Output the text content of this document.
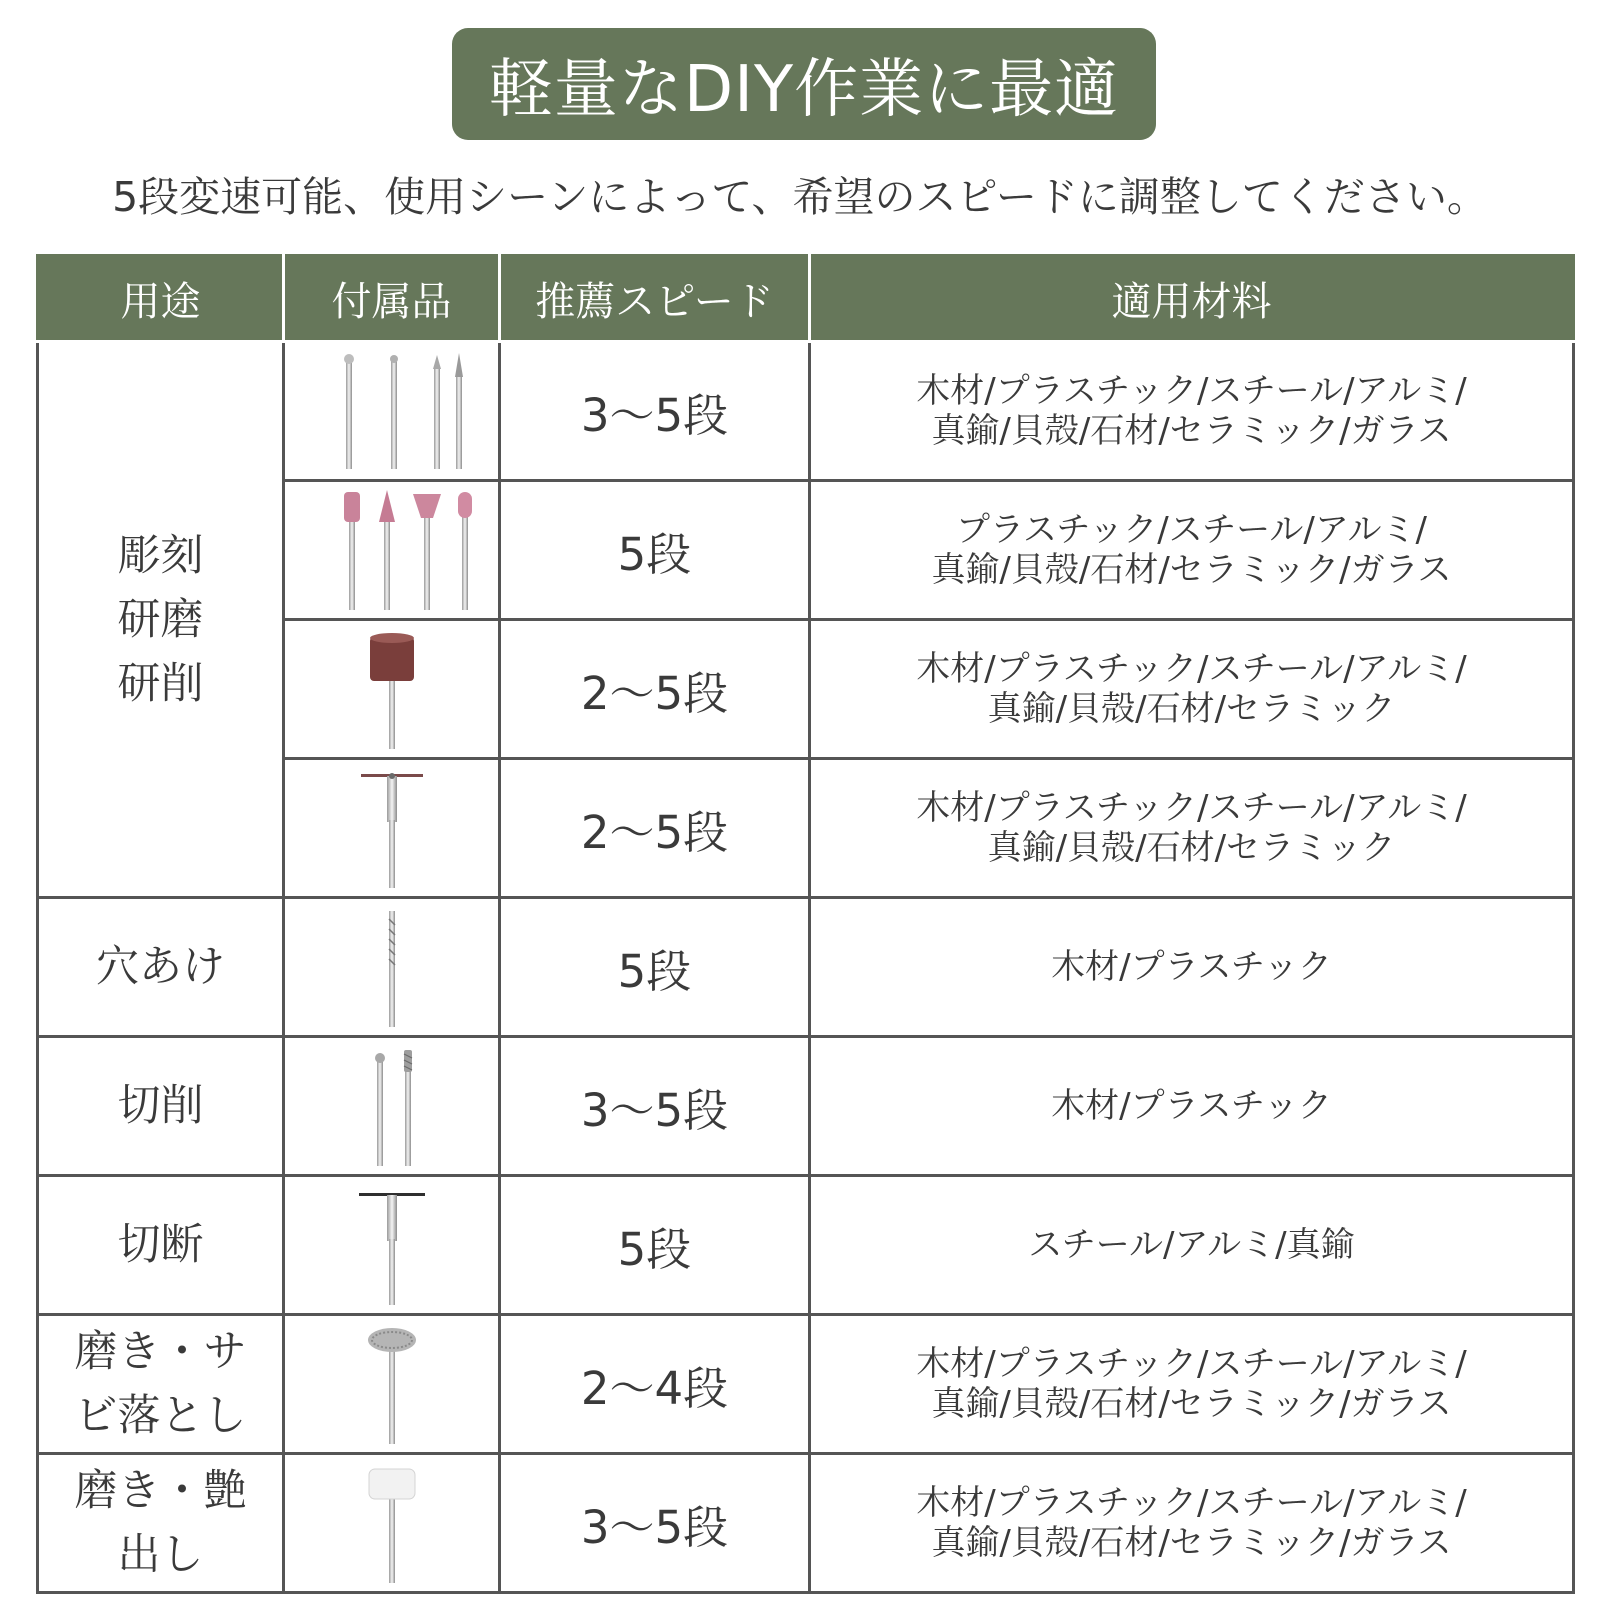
軽量なDIY作業に最適
5段変速可能、使用シーンによって、希望のスピードに調整してください。
用途	付属品	推薦スピード	適用材料
彫刻
研磨
研削		3〜5段	木材/プラスチック/スチール/アルミ/
真鍮/貝殻/石材/セラミック/ガラス

	5段	プラスチック/スチール/アルミ/
真鍮/貝殻/石材/セラミック/ガラス

	2〜5段	木材/プラスチック/スチール/アルミ/
真鍮/貝殻/石材/セラミック

	2〜5段	木材/プラスチック/スチール/アルミ/
真鍮/貝殻/石材/セラミック

穴あけ		5段	木材/プラスチック

切削		3〜5段	木材/プラスチック

切断		5段	スチール/アルミ/真鍮

磨き・サ
ビ落とし		2〜4段	木材/プラスチック/スチール/アルミ/
真鍮/貝殻/石材/セラミック/ガラス

磨き・艶
出し		3〜5段	木材/プラスチック/スチール/アルミ/
真鍮/貝殻/石材/セラミック/ガラス
